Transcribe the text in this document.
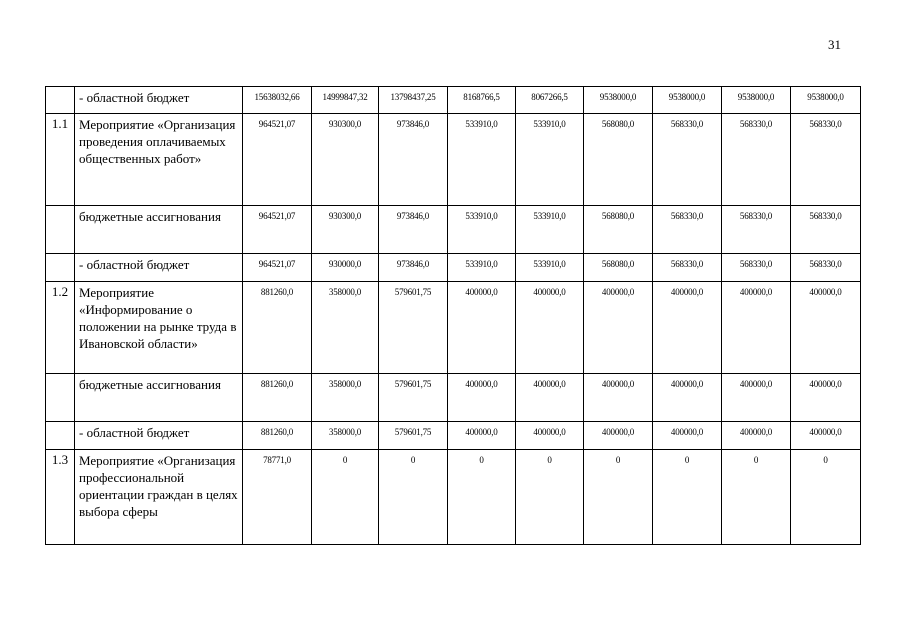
31
	- областной бюджет	15638032,66	14999847,32	13798437,25	8168766,5	8067266,5	9538000,0	9538000,0	9538000,0	9538000,0
1.1	Мероприятие «Организация проведения оплачиваемых общественных работ»	964521,07	930300,0	973846,0	533910,0	533910,0	568080,0	568330,0	568330,0	568330,0
	бюджетные ассигнования	964521,07	930300,0	973846,0	533910,0	533910,0	568080,0	568330,0	568330,0	568330,0
	- областной бюджет	964521,07	930000,0	973846,0	533910,0	533910,0	568080,0	568330,0	568330,0	568330,0
1.2	Мероприятие «Информирование о положении на рынке труда в Ивановской области»	881260,0	358000,0	579601,75	400000,0	400000,0	400000,0	400000,0	400000,0	400000,0
	бюджетные ассигнования	881260,0	358000,0	579601,75	400000,0	400000,0	400000,0	400000,0	400000,0	400000,0
	- областной бюджет	881260,0	358000,0	579601,75	400000,0	400000,0	400000,0	400000,0	400000,0	400000,0
1.3	Мероприятие «Организация профессиональной ориентации граждан в целях выбора сферы	78771,0	0	0	0	0	0	0	0	0
